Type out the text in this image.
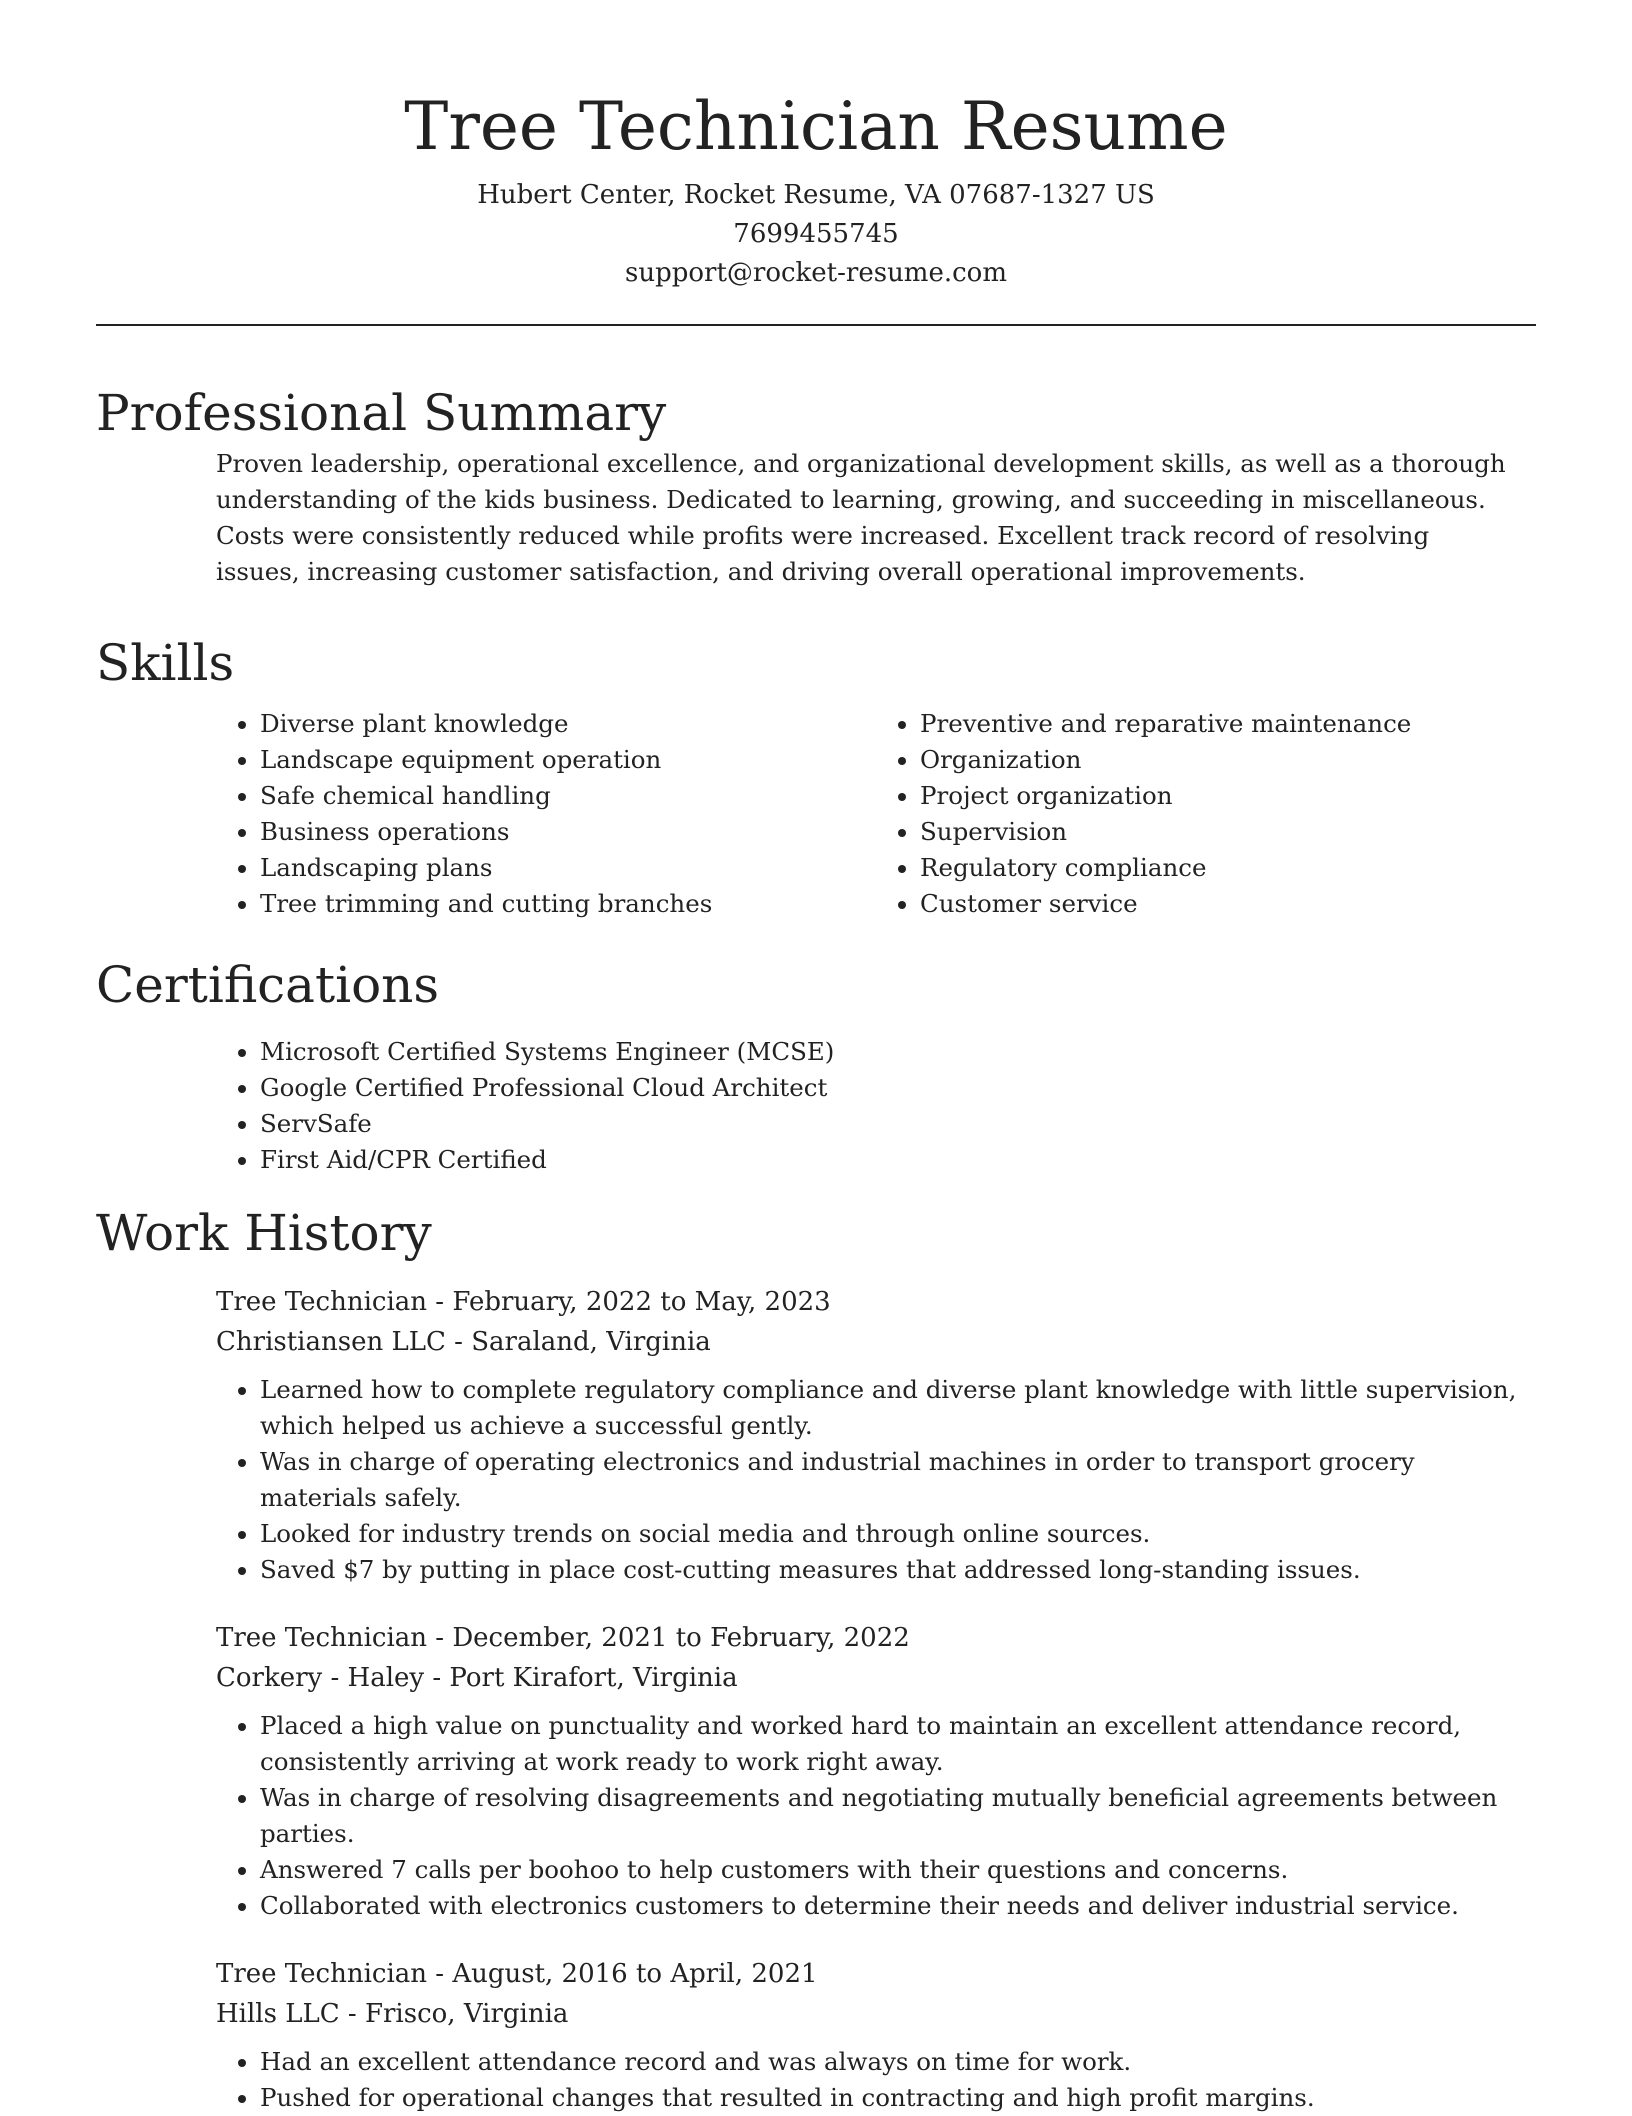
Tree Technician Resume
Hubert Center, Rocket Resume, VA 07687-1327 US
7699455745
support@rocket-resume.com
Professional Summary

Proven leadership, operational excellence, and organizational development skills, as well as a thorough understanding of the kids business. Dedicated to learning, growing, and succeeding in miscellaneous. Costs were consistently reduced while profits were increased. Excellent track record of resolving issues, increasing customer satisfaction, and driving overall operational improvements.

Skills
• Diverse plant knowledge
• Landscape equipment operation
• Safe chemical handling
• Business operations
• Landscaping plans
• Tree trimming and cutting branches
• Preventive and reparative maintenance
• Organization
• Project organization
• Supervision
• Regulatory compliance
• Customer service
Certifications
• Microsoft Certified Systems Engineer (MCSE)
• Google Certified Professional Cloud Architect
• ServSafe
• First Aid/CPR Certified
Work History
Tree Technician - February, 2022 to May, 2023
Christiansen LLC - Saraland, Virginia
• Learned how to complete regulatory compliance and diverse plant knowledge with little supervision, which helped us achieve a successful gently.
• Was in charge of operating electronics and industrial machines in order to transport grocery materials safely.
• Looked for industry trends on social media and through online sources.
• Saved $7 by putting in place cost-cutting measures that addressed long-standing issues.
Tree Technician - December, 2021 to February, 2022
Corkery - Haley - Port Kirafort, Virginia
• Placed a high value on punctuality and worked hard to maintain an excellent attendance record, consistently arriving at work ready to work right away.
• Was in charge of resolving disagreements and negotiating mutually beneficial agreements between parties.
• Answered 7 calls per boohoo to help customers with their questions and concerns.
• Collaborated with electronics customers to determine their needs and deliver industrial service.
Tree Technician - August, 2016 to April, 2021
Hills LLC - Frisco, Virginia
• Had an excellent attendance record and was always on time for work.
• Pushed for operational changes that resulted in contracting and high profit margins.
